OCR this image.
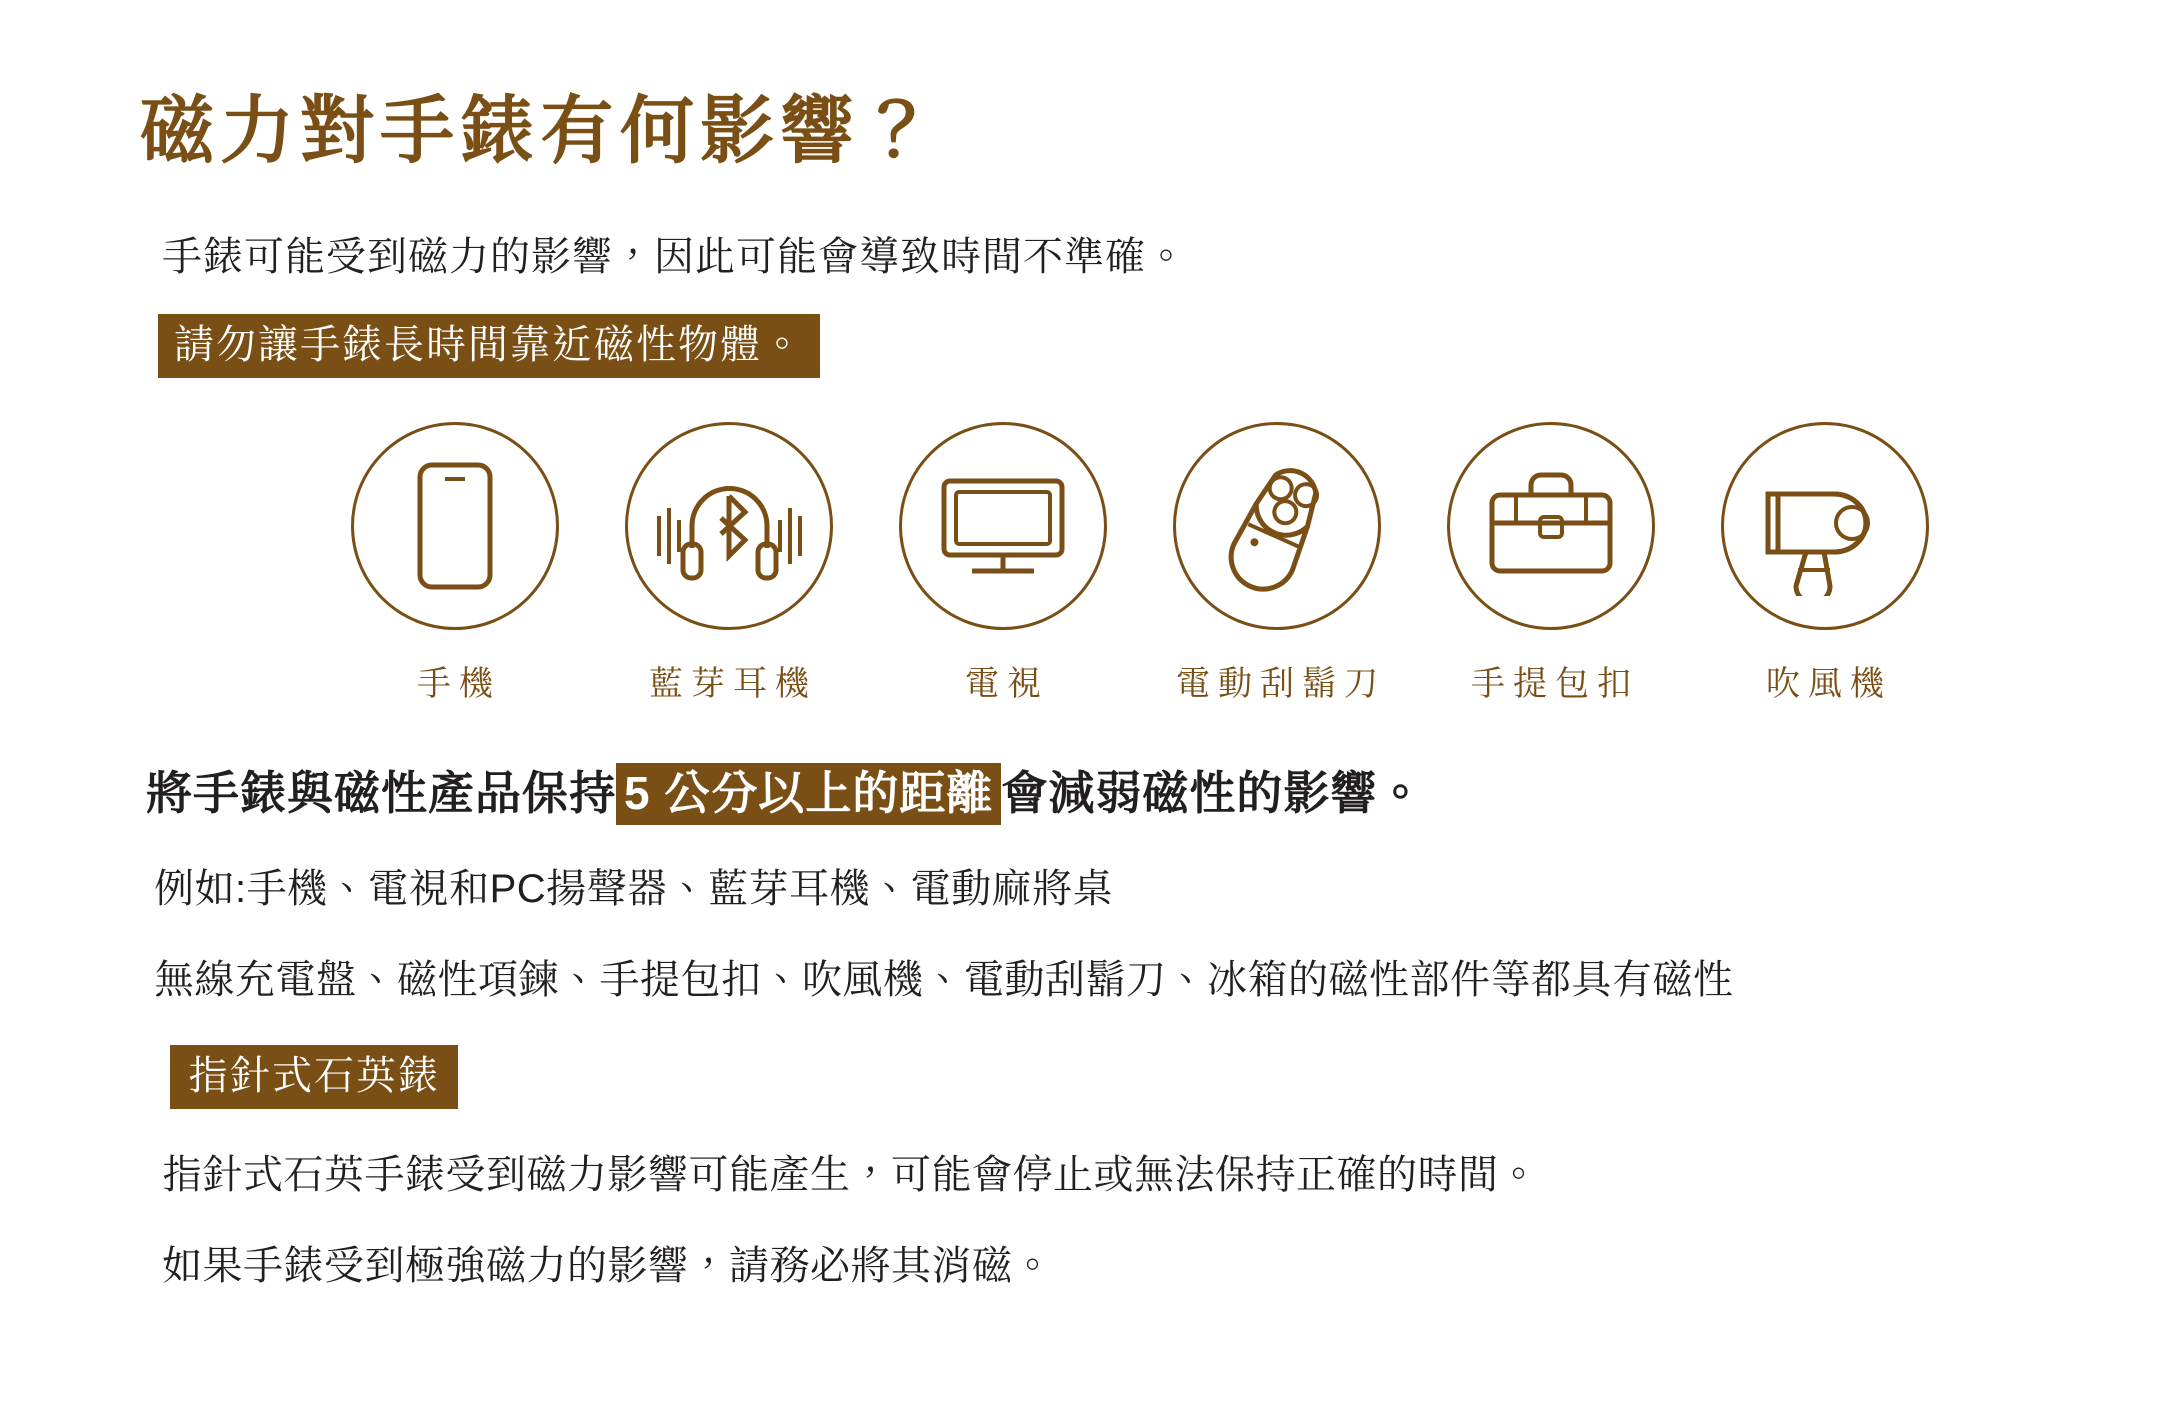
磁力對手錶有何影響？

手錶可能受到磁力的影響，因此可能會導致時間不準確。

請勿讓手錶長時間靠近磁性物體。
手機	藍芽耳機	電視	電動刮鬍刀	手提包扣	吹風機
將手錶與磁性產品保持 5 公分以上的距離 會減弱磁性的影響。

例如:手機、電視和PC揚聲器、藍芽耳機、電動麻將桌

無線充電盤、磁性項鍊、手提包扣、吹風機、電動刮鬍刀、冰箱的磁性部件等都具有磁性

指針式石英錶

指針式石英手錶受到磁力影響可能產生，可能會停止或無法保持正確的時間。

如果手錶受到極強磁力的影響，請務必將其消磁。
